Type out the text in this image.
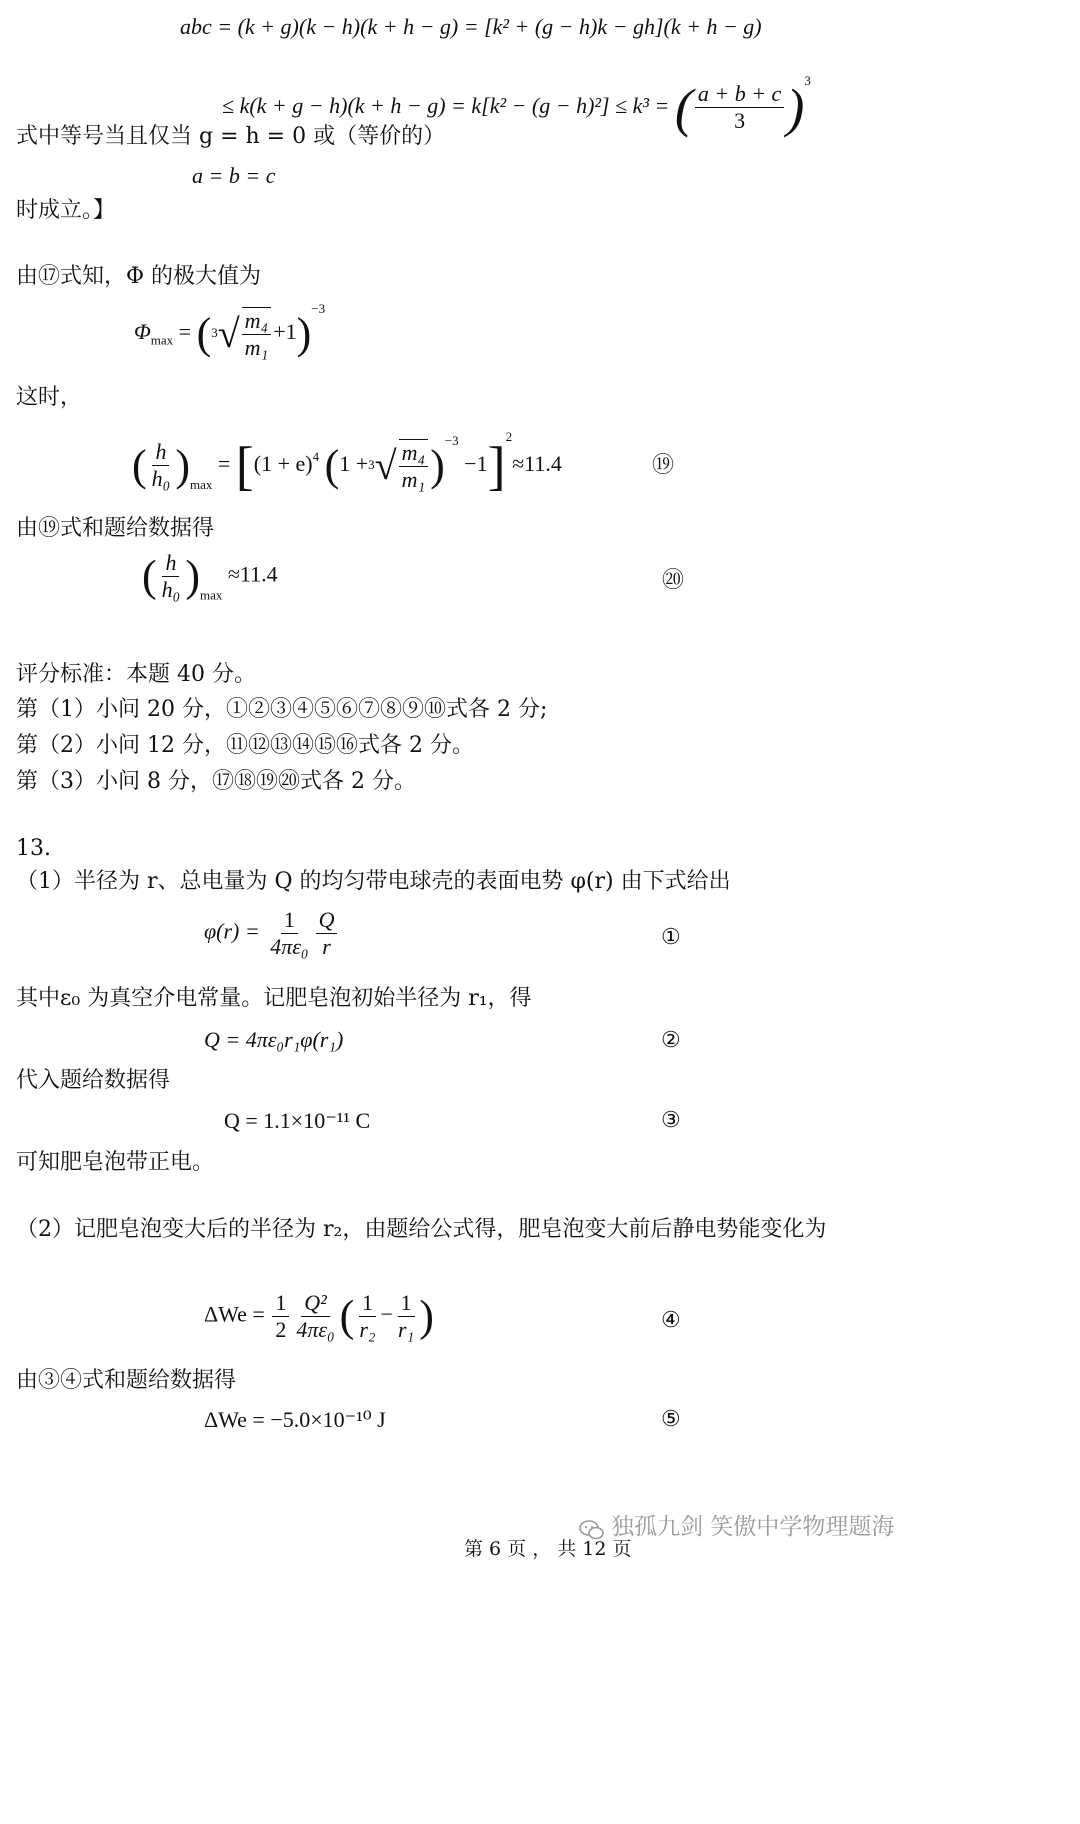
abc = (k + g)(k − h)(k + h − g) = [k² + (g − h)k − gh](k + h − g)
≤ k(k + g − h)(k + h − g) = k[k² − (g − h)²] ≤ k³ = ( $\frac{a + b + c}{3} )^3$
式中等号当且仅当 g = h = 0 或（等价的）
a = b = c
时成立。】
由⑰式知，Φ 的极大值为
$\Phi_{max} = (^3√ \frac{\text{m₄}}{\text{m₁}} +1)^{-3}$
这时，
( $\frac{h}{\text{h₀}} )_{max} = [(1 + e)^4$ $(1 +^3√ \frac{\text{m₄}}{\text{m₁}} )^{-3} -1]^2\approx 11.4$	⑲
由⑲式和题给数据得
( $\frac{h}{\text{h₀}} )_{max} \approx 11.4$	⑳
评分标准：本题 40 分。
第（1）小问 20 分，①②③④⑤⑥⑦⑧⑨⑩式各 2 分;
第（2）小问 12 分，⑪⑫⑬⑭⑮⑯式各 2 分。
第（3）小问 8 分，⑰⑱⑲⑳式各 2 分。
13.
（1）半径为 r、总电量为 Q 的均匀带电球壳的表面电势 φ(r) 由下式给出
$\varphi(r) = \frac{1}{\text{4πε₀}} \frac{Q}{r}$	①
其中ε₀ 为真空介电常量。记肥皂泡初始半径为 r₁，得
Q = 4πε₀r₁φ(r₁)	②
代入题给数据得
Q = 1.1×10⁻¹¹ C	③
可知肥皂泡带正电。
（2）记肥皂泡变大后的半径为 r₂，由题给公式得，肥皂泡变大前后静电势能变化为
$\Delta We = \frac{1}{2} \frac{\text{Q²}}{\text{4πε₀}}$ ( $\frac{1}{\text{r₂}} - \frac{1}{\text{r₁}}$ )	④
由③④式和题给数据得
ΔWe = −5.0×10⁻¹⁰ J	⑤
独孤九剑 笑傲中学物理题海
第 6 页 ， 共 12 页
